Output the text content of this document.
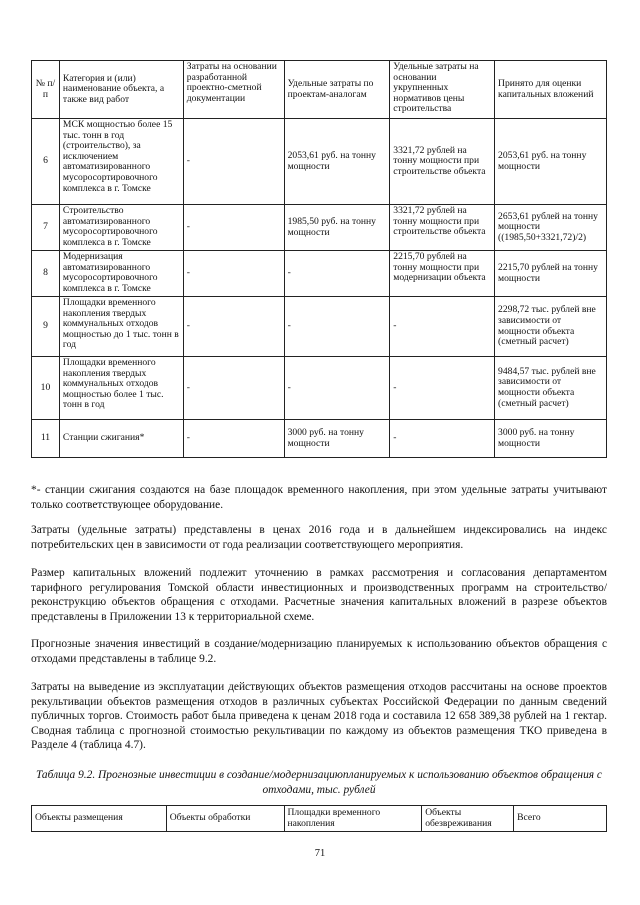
№ п/п	Категория и (или) наименование объекта, а также вид работ	Затраты на основании разработанной проектно-сметной документации	Удельные затраты по проектам-аналогам	Удельные затраты на основании укрупненных нормативов цены строительства	Принято для оценки капитальных вложений
6	МСК мощностью более 15 тыс. тонн в год (строительство), за исключением автоматизированного мусоросортировочного комплекса в г. Томске	-	2053,61 руб. на тонну мощности	3321,72 рублей на тонну мощности при строительстве объекта	2053,61 руб. на тонну мощности
7	Строительство автоматизированного мусоросортировочного комплекса в г. Томске	-	1985,50 руб. на тонну мощности	3321,72 рублей на тонну мощности при строительстве объекта	2653,61 рублей на тонну мощности ((1985,50+3321,72)/2)
8	Модернизация автоматизированного мусоросортировочного комплекса в г. Томске	-	-	2215,70 рублей на тонну мощности при модернизации объекта	2215,70 рублей на тонну мощности
9	Площадки временного накопления твердых коммунальных отходов мощностью до 1 тыс. тонн в год	-	-	-	2298,72 тыс. рублей вне зависимости от мощности объекта (сметный расчет)
10	Площадки временного накопления твердых коммунальных отходов мощностью более 1 тыс. тонн в год	-	-	-	9484,57 тыс. рублей вне зависимости от мощности объекта (сметный расчет)
11	Станции сжигания*	-	3000 руб. на тонну мощности	-	3000 руб. на тонну мощности

*- станции сжигания создаются на базе площадок временного накопления, при этом удельные затраты учитывают только соответствующее оборудование.

Затраты (удельные затраты) представлены в ценах 2016 года и в дальнейшем индексировались на индекс потребительских цен в зависимости от года реализации соответствующего мероприятия.

Размер капитальных вложений подлежит уточнению в рамках рассмотрения и согласования департаментом тарифного регулирования Томской области инвестиционных и производственных программ на строительство/реконструкцию объектов обращения с отходами. Расчетные значения капитальных вложений в разрезе объектов представлены в Приложении 13 к территориальной схеме.

Прогнозные значения инвестиций в создание/модернизацию планируемых к использованию объектов обращения с отходами представлены в таблице 9.2.

Затраты на выведение из эксплуатации действующих объектов размещения отходов рассчитаны на основе проектов рекультивации объектов размещения отходов в различных субъектах Российской Федерации по данным сведений публичных торгов. Стоимость работ была приведена к ценам 2018 года и составила 12 658 389,38 рублей на 1 гектар. Сводная таблица с прогнозной стоимостью рекультивации по каждому из объектов размещения ТКО приведена в Разделе 4 (таблица 4.7).

Таблица 9.2. Прогнозные инвестиции в создание/модернизациюпланируемых к использованию объектов обращения с отходами, тыс. рублей

Объекты размещения	Объекты обработки	Площадки временного накопления	Объекты обезвреживания	Всего
71
